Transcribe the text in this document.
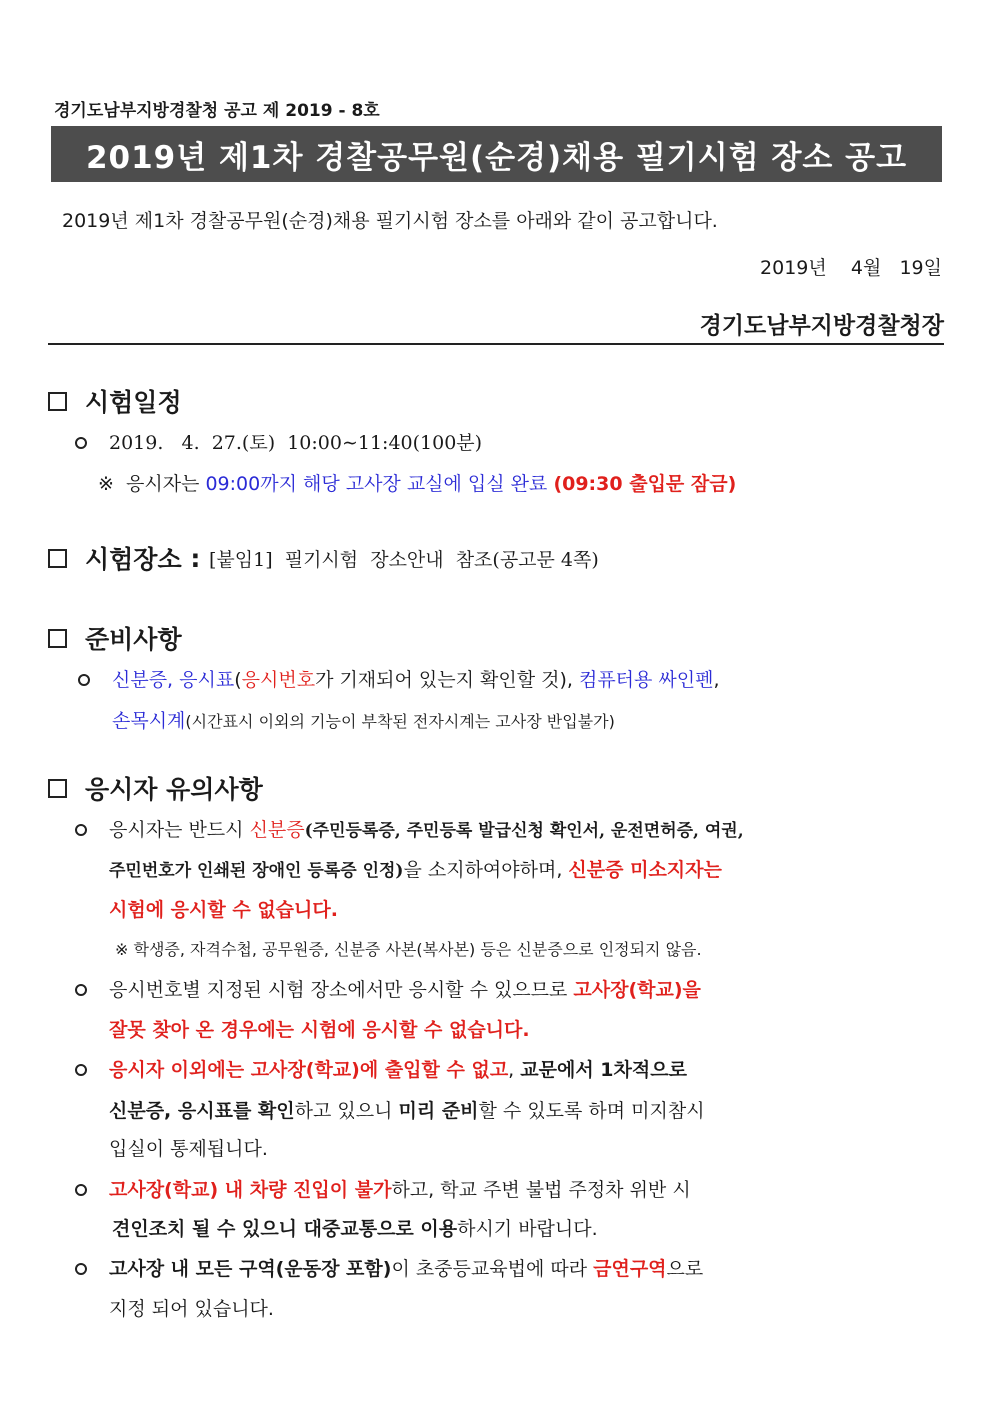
경기도남부지방경찰청 공고 제 2019 - 8호
2019년 제1차 경찰공무원(순경)채용 필기시험 장소 공고
2019년 제1차 경찰공무원(순경)채용 필기시험 장소를 아래와 같이 공고합니다.
2019년    4월   19일
경기도남부지방경찰청장
시험일정
2019.   4.  27.(토)  10:00∼11:40(100분)
※  응시자는 09:00까지 해당 고사장 교실에 입실 완료 (09:30 출입문 잠금)
시험장소 : [붙임1]  필기시험  장소안내  참조(공고문 4쪽)
준비사항
신분증, 응시표(응시번호가 기재되어 있는지 확인할 것), 컴퓨터용 싸인펜,
손목시계(시간표시 이외의 기능이 부착된 전자시계는 고사장 반입불가)
응시자 유의사항
응시자는 반드시 신분증(주민등록증, 주민등록 발급신청 확인서, 운전면허증, 여권,
주민번호가 인쇄된 장애인 등록증 인정)을 소지하여야하며, 신분증 미소지자는
시험에 응시할 수 없습니다.
※ 학생증, 자격수첩, 공무원증, 신분증 사본(복사본) 등은 신분증으로 인정되지 않음.
응시번호별 지정된 시험 장소에서만 응시할 수 있으므로 고사장(학교)을
잘못 찾아 온 경우에는 시험에 응시할 수 없습니다.
응시자 이외에는 고사장(학교)에 출입할 수 없고, 교문에서 1차적으로
신분증, 응시표를 확인하고 있으니 미리 준비할 수 있도록 하며 미지참시
입실이 통제됩니다.
고사장(학교) 내 차량 진입이 불가하고, 학교 주변 불법 주정차 위반 시
견인조치 될 수 있으니 대중교통으로 이용하시기 바랍니다.
고사장 내 모든 구역(운동장 포함)이 초중등교육법에 따라 금연구역으로
지정 되어 있습니다.
